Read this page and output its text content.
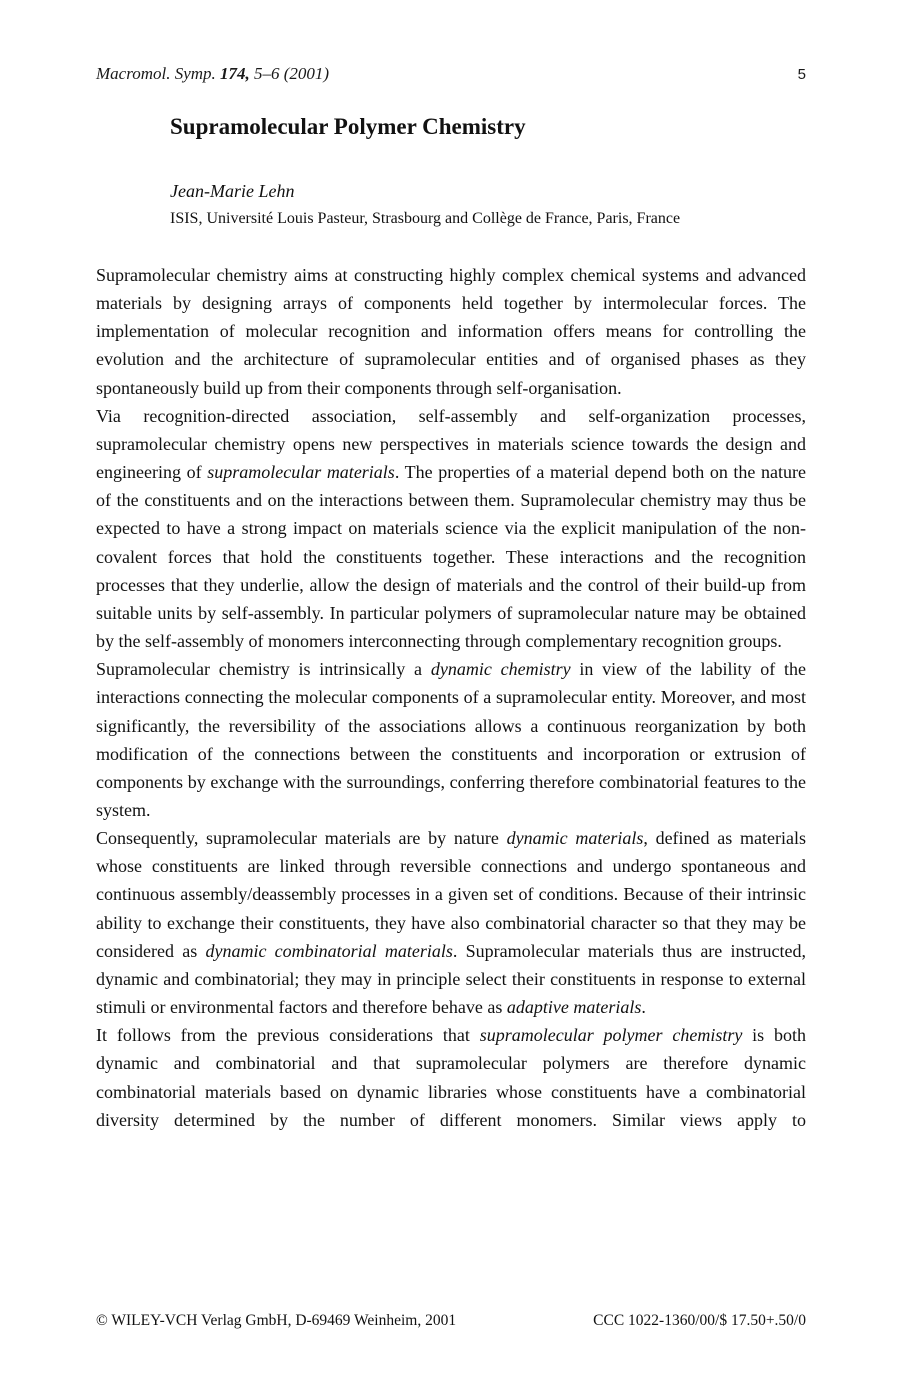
Macromol. Symp. 174, 5–6 (2001)	5
Supramolecular Polymer Chemistry
Jean-Marie Lehn
ISIS, Université Louis Pasteur, Strasbourg and Collège de France, Paris, France

Supramolecular chemistry aims at constructing highly complex chemical systems and advanced materials by designing arrays of components held together by intermolecular forces. The implementation of molecular recognition and information offers means for controlling the evolution and the architecture of supramolecular entities and of organised phases as they spontaneously build up from their components through self-organisation.

Via recognition-directed association, self-assembly and self-organization processes, supramolecular chemistry opens new perspectives in materials science towards the design and engineering of supramolecular materials. The properties of a material depend both on the nature of the constituents and on the interactions between them. Supramolecular chemistry may thus be expected to have a strong impact on materials science via the explicit manipulation of the non-covalent forces that hold the constituents together. These interactions and the recognition processes that they underlie, allow the design of materials and the control of their build-up from suitable units by self-assembly. In particular polymers of supramolecular nature may be obtained by the self-assembly of monomers interconnecting through complementary recognition groups.

Supramolecular chemistry is intrinsically a dynamic chemistry in view of the lability of the interactions connecting the molecular components of a supramolecular entity. Moreover, and most significantly, the reversibility of the associations allows a continuous reorganization by both modification of the connections between the constituents and incorporation or extrusion of components by exchange with the surroundings, conferring therefore combinatorial features to the system.

Consequently, supramolecular materials are by nature dynamic materials, defined as materials whose constituents are linked through reversible connections and undergo spontaneous and continuous assembly/deassembly processes in a given set of conditions. Because of their intrinsic ability to exchange their constituents, they have also combinatorial character so that they may be considered as dynamic combinatorial materials. Supramolecular materials thus are instructed, dynamic and combinatorial; they may in principle select their constituents in response to external stimuli or environmental factors and therefore behave as adaptive materials.

It follows from the previous considerations that supramolecular polymer chemistry is both dynamic and combinatorial and that supramolecular polymers are therefore dynamic combinatorial materials based on dynamic libraries whose constituents have a combinatorial diversity determined by the number of different monomers. Similar views apply to

© WILEY-VCH Verlag GmbH, D-69469 Weinheim, 2001	CCC 1022-1360/00/$ 17.50+.50/0
